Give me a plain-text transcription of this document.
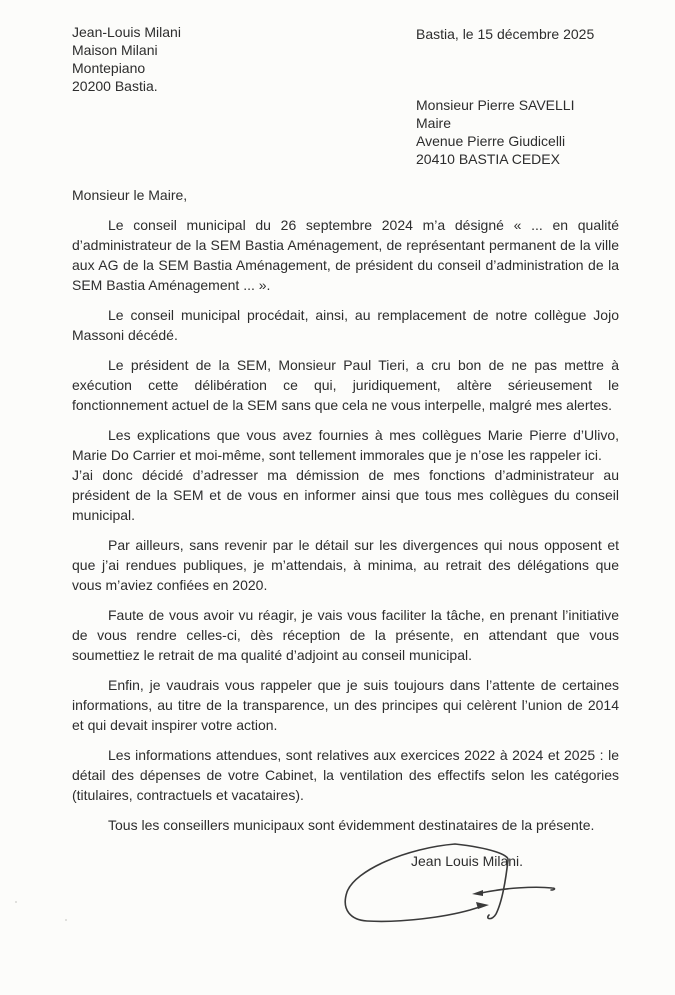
Jean-Louis Milani
Maison Milani
Montepiano
20200 Bastia.
Bastia, le 15 décembre 2025
Monsieur Pierre SAVELLI
Maire
Avenue Pierre Giudicelli
20410 BASTIA CEDEX

Monsieur le Maire,

Le conseil municipal du 26 septembre 2024 m’a désigné « ... en qualité d’administrateur de la SEM Bastia Aménagement, de représentant permanent de la ville aux AG de la SEM Bastia Aménagement, de président du conseil d’administration de la SEM Bastia Aménagement ... ».

Le conseil municipal procédait, ainsi, au remplacement de notre collègue Jojo Massoni décédé.

Le président de la SEM, Monsieur Paul Tieri, a cru bon de ne pas mettre à exécution cette délibération ce qui, juridiquement, altère sérieusement le fonctionnement actuel de la SEM sans que cela ne vous interpelle, malgré mes alertes.

Les explications que vous avez fournies à mes collègues Marie Pierre d’Ulivo, Marie Do Carrier et moi-même, sont tellement immorales que je n’ose les rappeler ici.

J’ai donc décidé d’adresser ma démission de mes fonctions d’administrateur au président de la SEM et de vous en informer ainsi que tous mes collègues du conseil municipal.

Par ailleurs, sans revenir par le détail sur les divergences qui nous opposent et que j’ai rendues publiques, je m’attendais, à minima, au retrait des délégations que vous m’aviez confiées en 2020.

Faute de vous avoir vu réagir, je vais vous faciliter la tâche, en prenant l’initiative de vous rendre celles-ci, dès réception de la présente, en attendant que vous soumettiez le retrait de ma qualité d’adjoint au conseil municipal.

Enfin, je vaudrais vous rappeler que je suis toujours dans l’attente de certaines informations, au titre de la transparence, un des principes qui celèrent l’union de 2014 et qui devait inspirer votre action.

Les informations attendues, sont relatives aux exercices 2022 à 2024 et 2025 : le détail des dépenses de votre Cabinet, la ventilation des effectifs selon les catégories (titulaires, contractuels et vacataires).

Tous les conseillers municipaux sont évidemment destinataires de la présente.

Jean Louis Milani.
